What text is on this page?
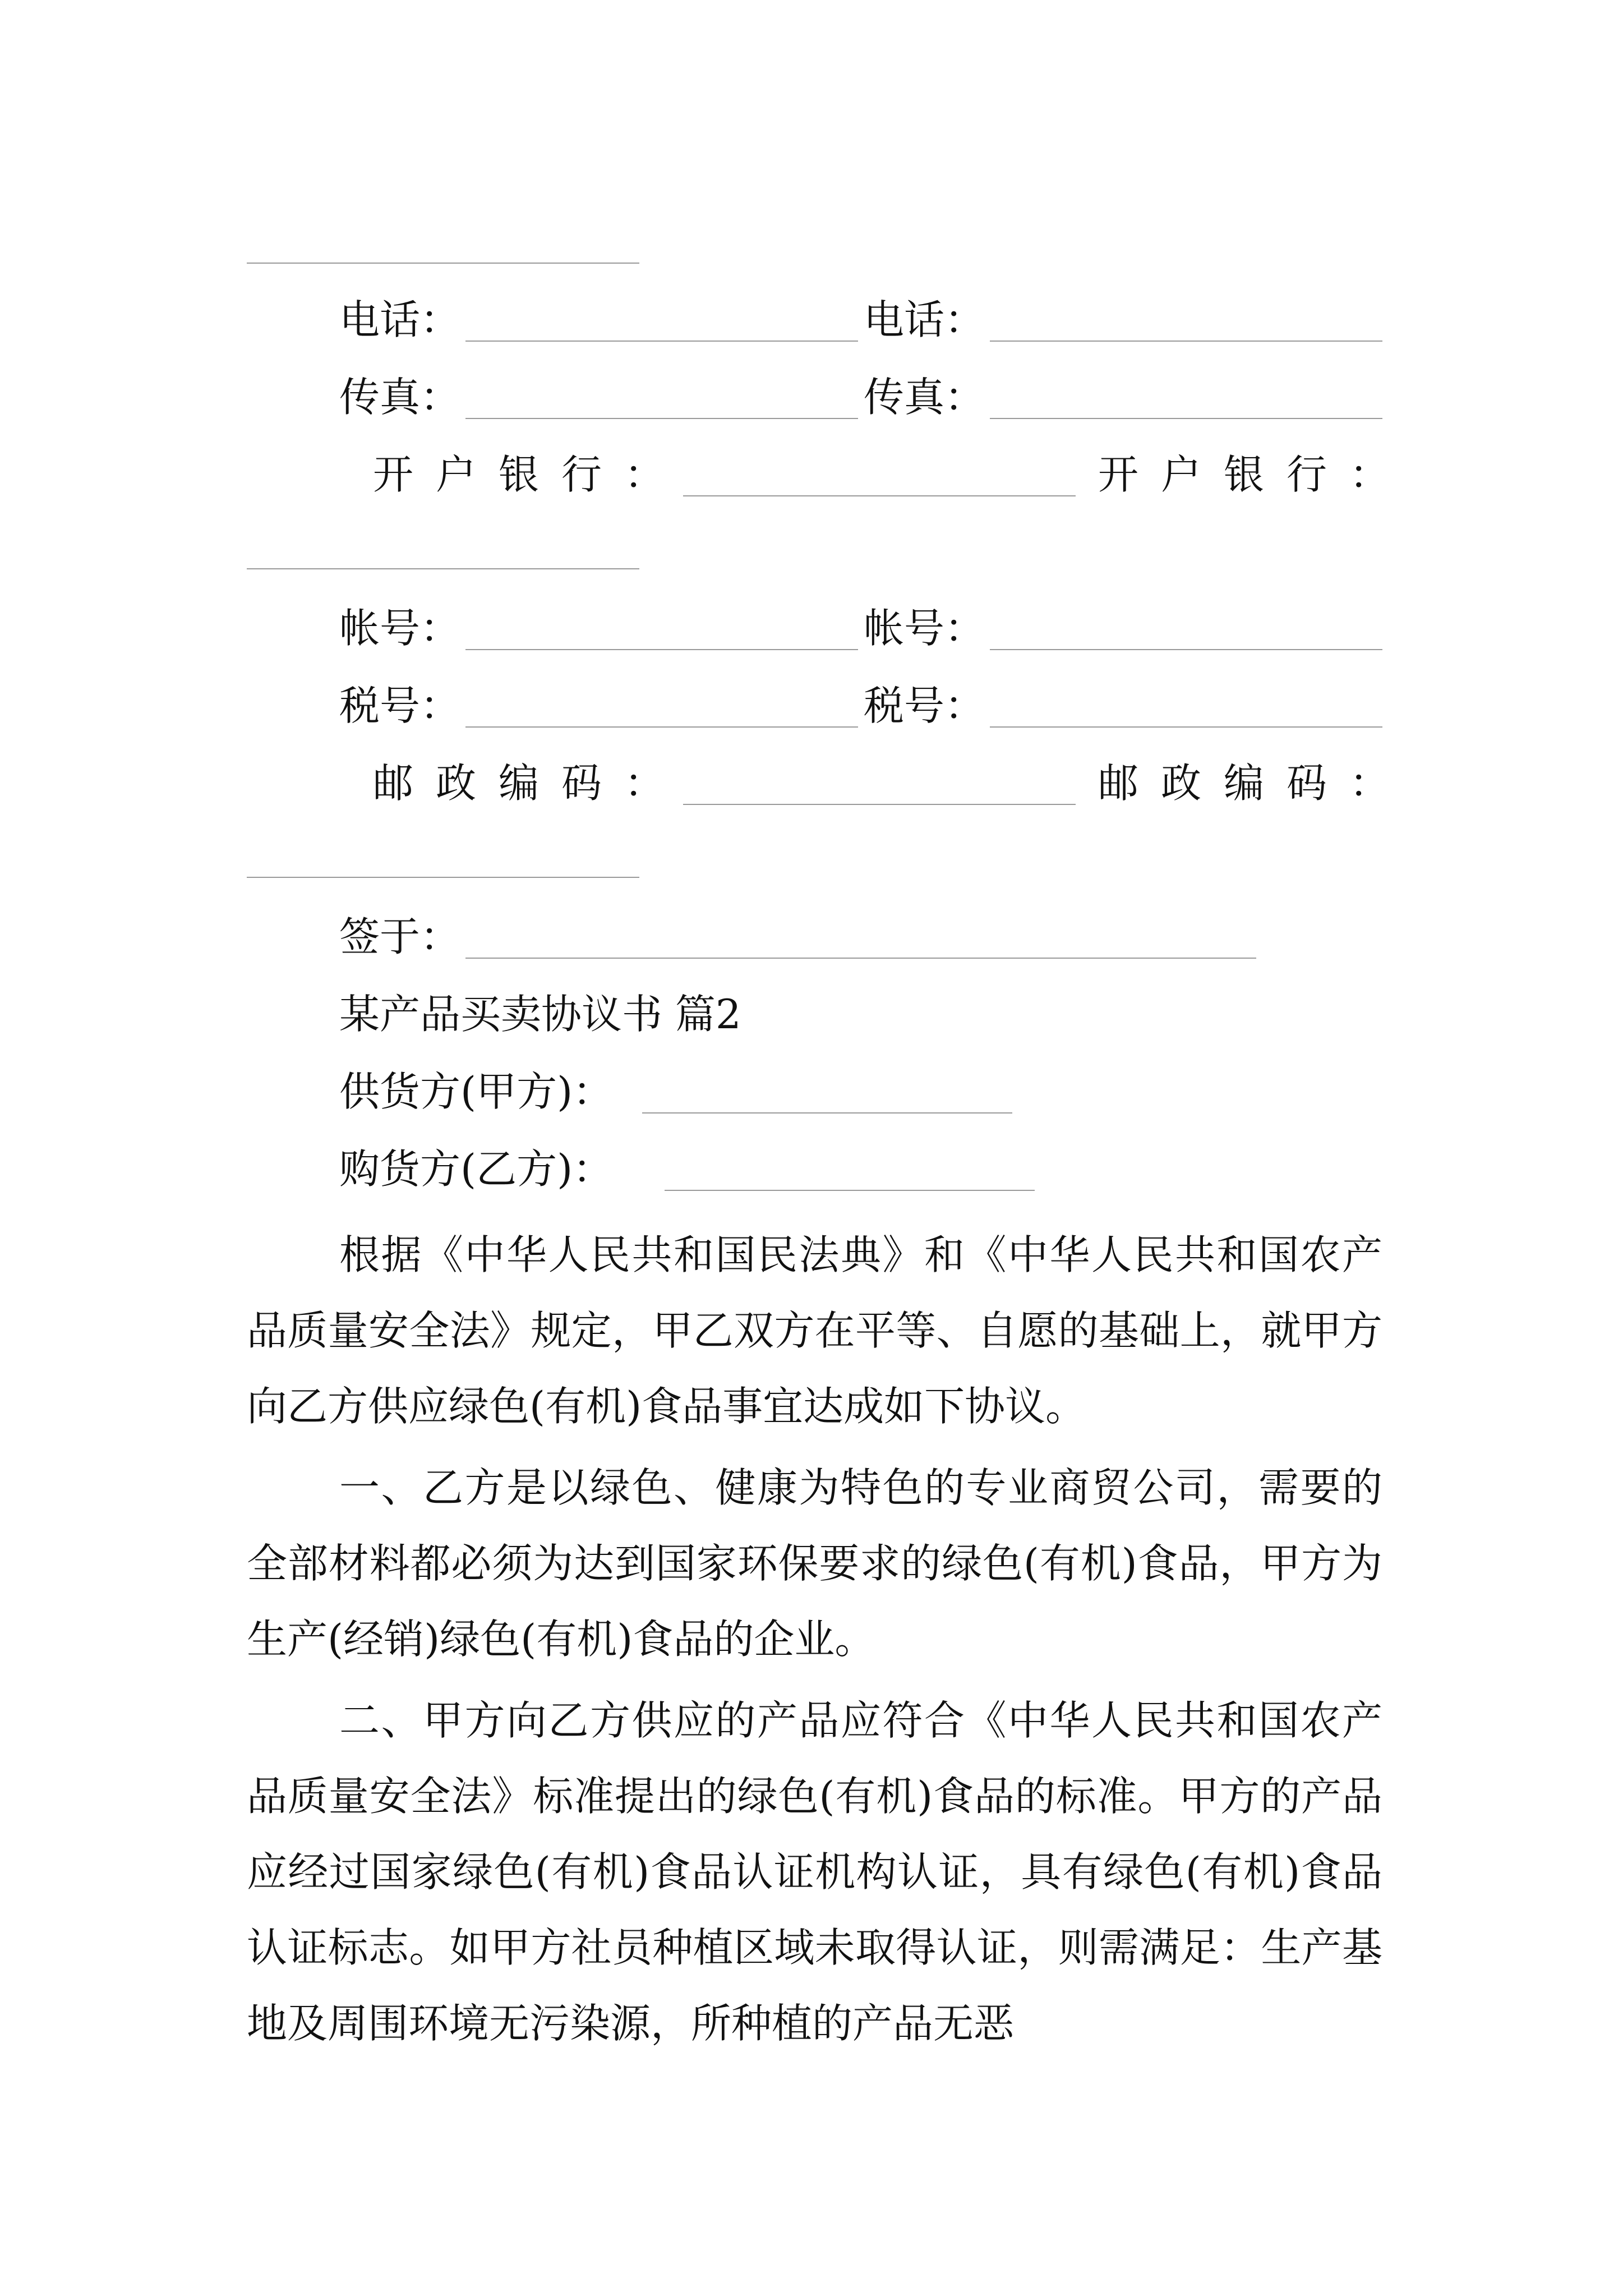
电话：	电话：
传真：	传真：
开户银行：	开户银行：
帐号：	帐号：
税号：	税号：
邮政编码：	邮政编码：
签于：
某产品买卖协议书 篇2
供货方(甲方)：
购货方(乙方)：
根据《中华人民共和国民法典》和《中华人民共和国农产品质量安全法》规定，甲乙双方在平等、自愿的基础上，就甲方向乙方供应绿色(有机)食品事宜达成如下协议。
一、乙方是以绿色、健康为特色的专业商贸公司，需要的全部材料都必须为达到国家环保要求的绿色(有机)食品，甲方为生产(经销)绿色(有机)食品的企业。
二、甲方向乙方供应的产品应符合《中华人民共和国农产品质量安全法》标准提出的绿色(有机)食品的标准。甲方的产品应经过国家绿色(有机)食品认证机构认证，具有绿色(有机)食品认证标志。如甲方社员种植区域未取得认证，则需满足：生产基地及周围环境无污染源，所种植的产品无恶
